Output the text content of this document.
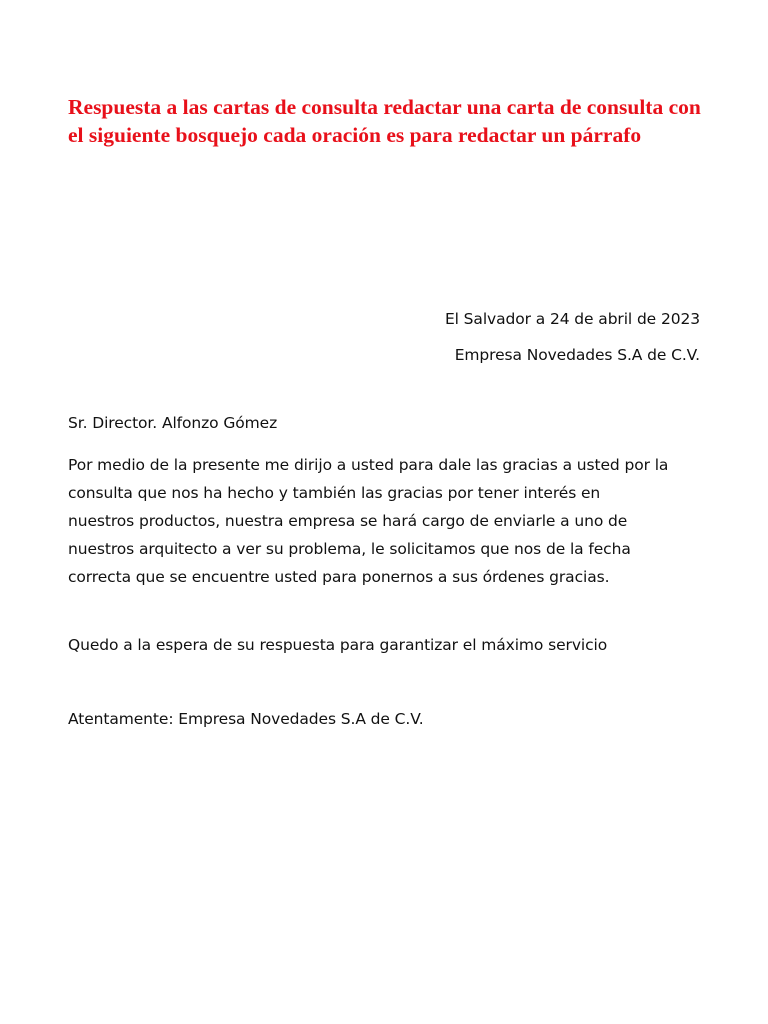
Respuesta a las cartas de consulta redactar una carta de consulta con el siguiente bosquejo cada oración es para redactar un párrafo

El Salvador a 24 de abril de 2023

Empresa Novedades S.A de C.V.

Sr. Director. Alfonzo Gómez

Por medio de la presente me dirijo a usted para dale las gracias a usted por la
consulta que nos ha hecho y también las gracias por tener interés en
nuestros productos, nuestra empresa se hará cargo de enviarle a uno de
nuestros arquitecto a ver su problema, le solicitamos que nos de la fecha
correcta que se encuentre usted para ponernos a sus órdenes gracias.

Quedo a la espera de su respuesta para garantizar el máximo servicio

Atentamente: Empresa Novedades S.A de C.V.
